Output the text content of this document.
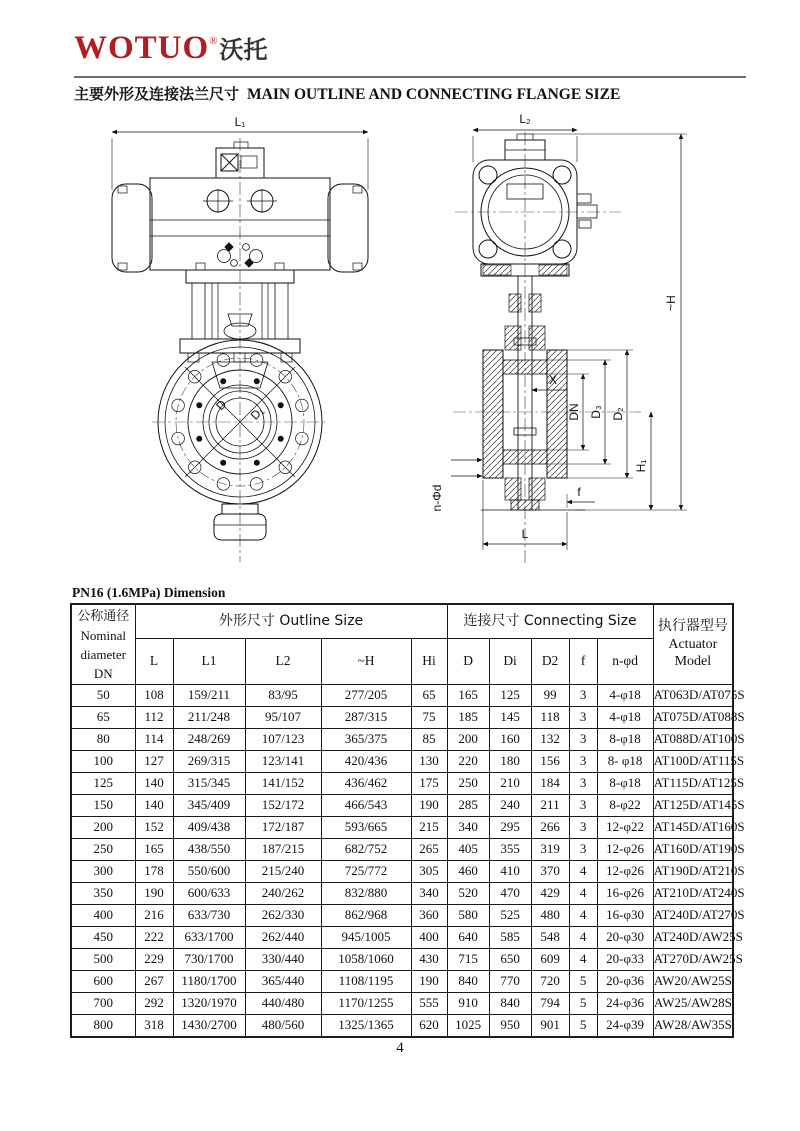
WOTUO®沃托
主要外形及连接法兰尺寸 MAIN OUTLINE AND CONNECTING FLANGE SIZE
L₁
D D₁
L₂
~H
H₁
X
DN D₃ D₂
f
n-Φd
L
PN16 (1.6MPa) Dimension
公称通径
Nominal
diameter
DN
	外形尺寸 Outline Size	连接尺寸 Connecting Size	执行器型号
Actuator Model

	L	L1	L2	~H	Hi	D	Di	D2	f	n-φd	
50	108	159/211	83/95	277/205	65	165	125	99	3	4-φ18	AT063D/AT075S
65	112	211/248	95/107	287/315	75	185	145	118	3	4-φ18	AT075D/AT088S
80	114	248/269	107/123	365/375	85	200	160	132	3	8-φ18	AT088D/AT100S
100	127	269/315	123/141	420/436	130	220	180	156	3	8- φ18	AT100D/AT115S
125	140	315/345	141/152	436/462	175	250	210	184	3	8-φ18	AT115D/AT125S
150	140	345/409	152/172	466/543	190	285	240	211	3	8-φ22	AT125D/AT145S
200	152	409/438	172/187	593/665	215	340	295	266	3	12-φ22	AT145D/AT160S
250	165	438/550	187/215	682/752	265	405	355	319	3	12-φ26	AT160D/AT190S
300	178	550/600	215/240	725/772	305	460	410	370	4	12-φ26	AT190D/AT210S
350	190	600/633	240/262	832/880	340	520	470	429	4	16-φ26	AT210D/AT240S
400	216	633/730	262/330	862/968	360	580	525	480	4	16-φ30	AT240D/AT270S
450	222	633/1700	262/440	945/1005	400	640	585	548	4	20-φ30	AT240D/AW25S
500	229	730/1700	330/440	1058/1060	430	715	650	609	4	20-φ33	AT270D/AW25S
600	267	1180/1700	365/440	1108/1195	190	840	770	720	5	20-φ36	AW20/AW25S
700	292	1320/1970	440/480	1170/1255	555	910	840	794	5	24-φ36	AW25/AW28S
800	318	1430/2700	480/560	1325/1365	620	1025	950	901	5	24-φ39	AW28/AW35S
4
